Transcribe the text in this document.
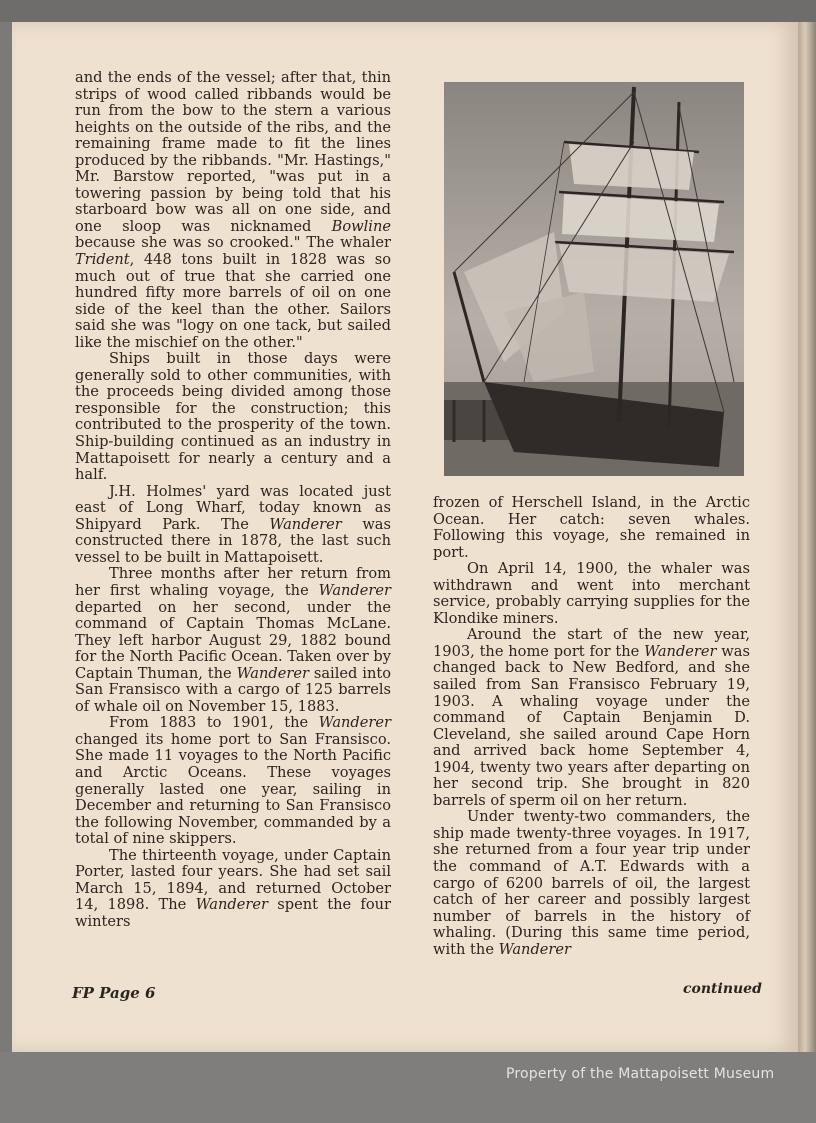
and the ends of the vessel; after that, thin strips of wood called ribbands would be run from the bow to the stern a various heights on the outside of the ribs, and the remaining frame made to fit the lines produced by the ribbands. "Mr. Hastings," Mr. Barstow reported, "was put in a towering passion by being told that his starboard bow was all on one side, and one sloop was nicknamed Bowline because she was so crooked." The whaler Trident, 448 tons built in 1828 was so much out of true that she carried one hundred fifty more barrels of oil on one side of the keel than the other. Sailors said she was "logy on one tack, but sailed like the mischief on the other."

Ships built in those days were generally sold to other communities, with the proceeds being divided among those responsible for the construction; this contributed to the prosperity of the town. Ship-building continued as an industry in Mattapoisett for nearly a century and a half.

J.H. Holmes' yard was located just east of Long Wharf, today known as Shipyard Park. The Wanderer was constructed there in 1878, the last such vessel to be built in Mattapoisett.

Three months after her return from her first whaling voyage, the Wanderer departed on her second, under the command of Captain Thomas McLane. They left harbor August 29, 1882 bound for the North Pacific Ocean. Taken over by Captain Thuman, the Wanderer sailed into San Fransisco with a cargo of 125 barrels of whale oil on November 15, 1883.

From 1883 to 1901, the Wanderer changed its home port to San Fransisco. She made 11 voyages to the North Pacific and Arctic Oceans. These voyages generally lasted one year, sailing in December and returning to San Fransisco the following November, commanded by a total of nine skippers.

The thirteenth voyage, under Captain Porter, lasted four years. She had set sail March 15, 1894, and returned October 14, 1898. The Wanderer spent the four winters

frozen of Herschell Island, in the Arctic Ocean. Her catch: seven whales. Following this voyage, she remained in port.

On April 14, 1900, the whaler was withdrawn and went into merchant service, probably carrying supplies for the Klondike miners.

Around the start of the new year, 1903, the home port for the Wanderer was changed back to New Bedford, and she sailed from San Fransisco February 19, 1903. A whaling voyage under the command of Captain Benjamin D. Cleveland, she sailed around Cape Horn and arrived back home September 4, 1904, twenty two years after departing on her second trip. She brought in 820 barrels of sperm oil on her return.

Under twenty-two commanders, the ship made twenty-three voyages. In 1917, she returned from a four year trip under the command of A.T. Edwards with a cargo of 6200 barrels of oil, the largest catch of her career and possibly largest number of barrels in the history of whaling. (During this same time period, with the Wanderer

FP Page 6	continued
Property of the Mattapoisett Museum
